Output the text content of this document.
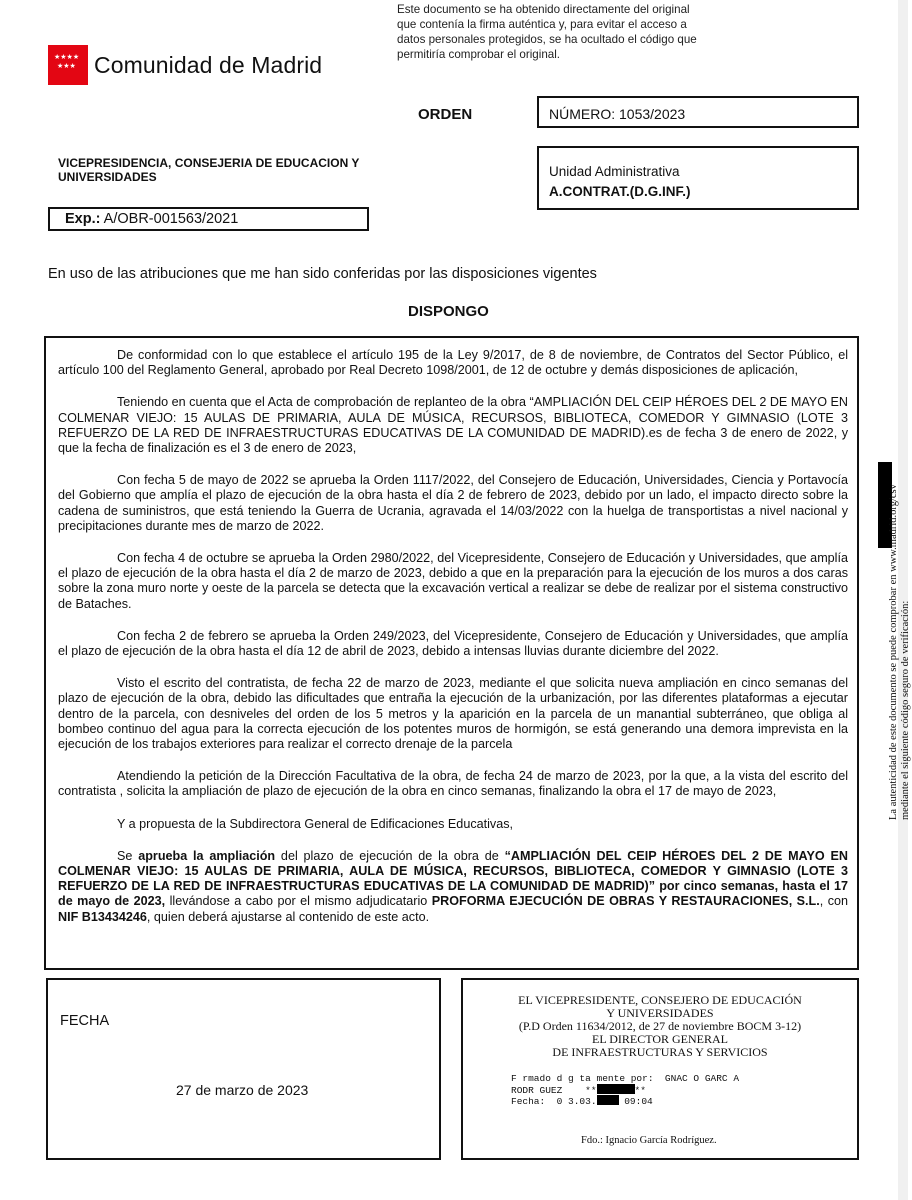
★★★★
★★★ Comunidad de Madrid
Este documento se ha obtenido directamente del original que contenía la firma auténtica y, para evitar el acceso a datos personales protegidos, se ha ocultado el código que permitiría comprobar el original.
ORDEN	NÚMERO: 1053/2023
VICEPRESIDENCIA, CONSEJERIA DE EDUCACION Y UNIVERSIDADES	Unidad Administrativa
A.CONTRAT.(D.G.INF.)
Exp.: A/OBR-001563/2021
En uso de las atribuciones que me han sido conferidas por las disposiciones vigentes
DISPONGO

De conformidad con lo que establece el artículo 195 de la Ley 9/2017, de 8 de noviembre, de Contratos del Sector Público, el artículo 100 del Reglamento General, aprobado por Real Decreto 1098/2001, de 12 de octubre y demás disposiciones de aplicación,

Teniendo en cuenta que el Acta de comprobación de replanteo de la obra “AMPLIACIÓN DEL CEIP HÉROES DEL 2 DE MAYO EN COLMENAR VIEJO: 15 AULAS DE PRIMARIA, AULA DE MÚSICA, RECURSOS, BIBLIOTECA, COMEDOR Y GIMNASIO (LOTE 3 REFUERZO DE LA RED DE INFRAESTRUCTURAS EDUCATIVAS DE LA COMUNIDAD DE MADRID).es de fecha 3 de enero de 2022, y que la fecha de finalización es el 3 de enero de 2023,

Con fecha 5 de mayo de 2022 se aprueba la Orden 1117/2022, del Consejero de Educación, Universidades, Ciencia y Portavocía del Gobierno que amplía el plazo de ejecución de la obra hasta el día 2 de febrero de 2023, debido por un lado, el impacto directo sobre la cadena de suministros, que está teniendo la Guerra de Ucrania, agravada el 14/03/2022 con la huelga de transportistas a nivel nacional y precipitaciones durante mes de marzo de 2022.

Con fecha 4 de octubre se aprueba la Orden 2980/2022, del Vicepresidente, Consejero de Educación y Universidades, que amplía el plazo de ejecución de la obra hasta el día 2 de marzo de 2023, debido a que en la preparación para la ejecución de los muros a dos caras sobre la zona muro norte y oeste de la parcela se detecta que la excavación vertical a realizar se debe de realizar por el sistema constructivo de Bataches.

Con fecha 2 de febrero se aprueba la Orden 249/2023, del Vicepresidente, Consejero de Educación y Universidades, que amplía el plazo de ejecución de la obra hasta el día 12 de abril de 2023, debido a intensas lluvias durante diciembre del 2022.

Visto el escrito del contratista, de fecha 22 de marzo de 2023, mediante el que solicita nueva ampliación en cinco semanas del plazo de ejecución de la obra, debido las dificultades que entraña la ejecución de la urbanización, por las diferentes plataformas a ejecutar dentro de la parcela, con desniveles del orden de los 5 metros y la aparición en la parcela de un manantial subterráneo, que obliga al bombeo continuo del agua para la correcta ejecución de los potentes muros de hormigón, se está generando una demora imprevista en la ejecución de los trabajos exteriores para realizar el correcto drenaje de la parcela

Atendiendo la petición de la Dirección Facultativa de la obra, de fecha 24 de marzo de 2023, por la que, a la vista del escrito del contratista , solicita la ampliación de plazo de ejecución de la obra en cinco semanas, finalizando la obra el 17 de mayo de 2023,

Y a propuesta de la Subdirectora General de Edificaciones Educativas,

Se aprueba la ampliación del plazo de ejecución de la obra de “AMPLIACIÓN DEL CEIP HÉROES DEL 2 DE MAYO EN COLMENAR VIEJO: 15 AULAS DE PRIMARIA, AULA DE MÚSICA, RECURSOS, BIBLIOTECA, COMEDOR Y GIMNASIO (LOTE 3 REFUERZO DE LA RED DE INFRAESTRUCTURAS EDUCATIVAS DE LA COMUNIDAD DE MADRID)” por cinco semanas, hasta el 17 de mayo de 2023, llevándose a cabo por el mismo adjudicatario PROFORMA EJECUCIÓN DE OBRAS Y RESTAURACIONES, S.L., con NIF B13434246, quien deberá ajustarse al contenido de este acto.

FECHA
27 de marzo de 2023
EL VICEPRESIDENTE, CONSEJERO DE EDUCACIÓN
Y UNIVERSIDADES
(P.D Orden 11634/2012, de 27 de noviembre BOCM 3-12)
EL DIRECTOR GENERAL
DE INFRAESTRUCTURAS Y SERVICIOS
F rmado d g ta mente por:  GNAC O GARC A
RODR GUEZ    **	**
Fecha:  0 3.03. 09:04
Fdo.: Ignacio García Rodríguez.
La autenticidad de este documento se puede comprobar en www.madrid.org/csv mediante el siguiente código seguro de verificación:
